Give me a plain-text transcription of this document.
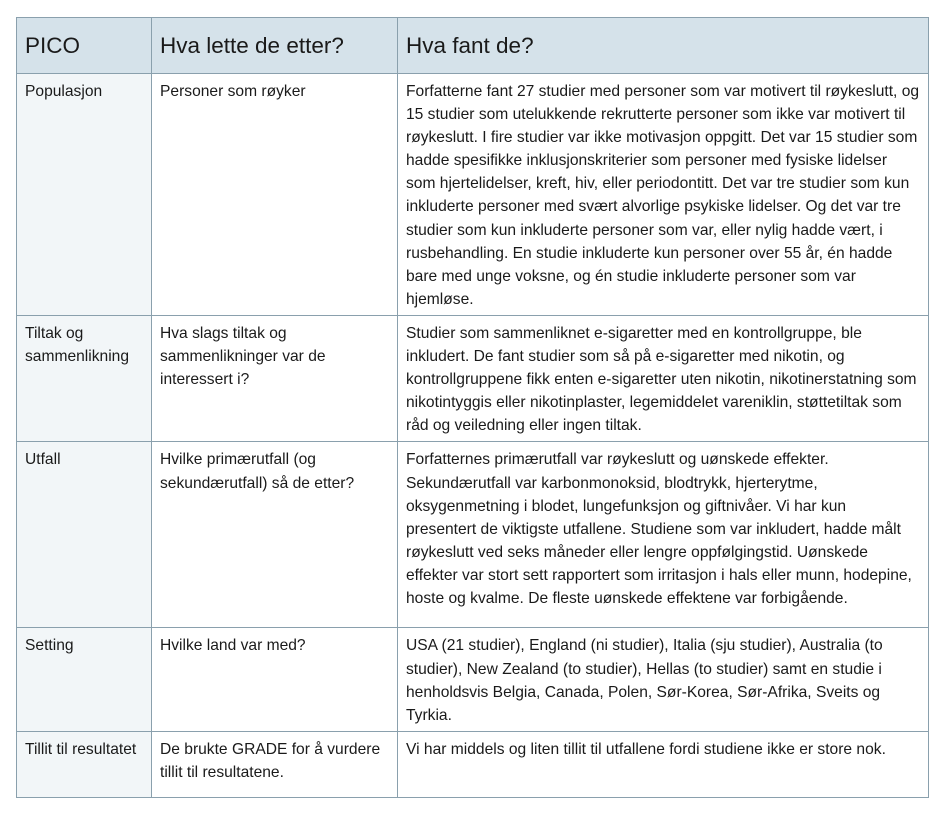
PICO	Hva lette de etter?	Hva fant de?
Populasjon	Personer som røyker	Forfatterne fant 27 studier med personer som var motivert til røykeslutt, og 15 studier som utelukkende rekrutterte personer som ikke var motivert til røykeslutt. I fire studier var ikke motivasjon oppgitt. Det var 15 studier som hadde spesifikke inklusjonskriterier som personer med fysiske lidelser som hjertelidelser, kreft, hiv, eller periodontitt. Det var tre studier som kun inkluderte personer med svært alvorlige psykiske lidelser. Og det var tre studier som kun inkluderte personer som var, eller nylig hadde vært, i rusbehandling. En studie inkluderte kun personer over 55 år, én hadde bare med unge voksne, og én studie inkluderte personer som var hjemløse.
Tiltak og sammenlikning	Hva slags tiltak og sammenlikninger var de interessert i?	Studier som sammenliknet e-sigaretter med en kontrollgruppe, ble inkludert. De fant studier som så på e-sigaretter med nikotin, og kontrollgruppene fikk enten e-sigaretter uten nikotin, nikotinerstatning som nikotintyggis eller nikotinplaster, legemiddelet vareniklin, støttetiltak som råd og veiledning eller ingen tiltak.
Utfall	Hvilke primærutfall (og sekundærutfall) så de etter?	Forfatternes primærutfall var røykeslutt og uønskede effekter. Sekundærutfall var karbonmonoksid, blodtrykk, hjerterytme, oksygenmetning i blodet, lungefunksjon og giftnivåer. Vi har kun presentert de viktigste utfallene. Studiene som var inkludert, hadde målt røykeslutt ved seks måneder eller lengre oppfølgingstid. Uønskede effekter var stort sett rapportert som irritasjon i hals eller munn, hodepine, hoste og kvalme. De fleste uønskede effektene var forbigående.
Setting	Hvilke land var med?	USA (21 studier), England (ni studier), Italia (sju studier), Australia (to studier), New Zealand (to studier), Hellas (to studier) samt en studie i henholdsvis Belgia, Canada, Polen, Sør-Korea, Sør-Afrika, Sveits og Tyrkia.
Tillit til resultatet	De brukte GRADE for å vurdere tillit til resultatene.	Vi har middels og liten tillit til utfallene fordi studiene ikke er store nok.
